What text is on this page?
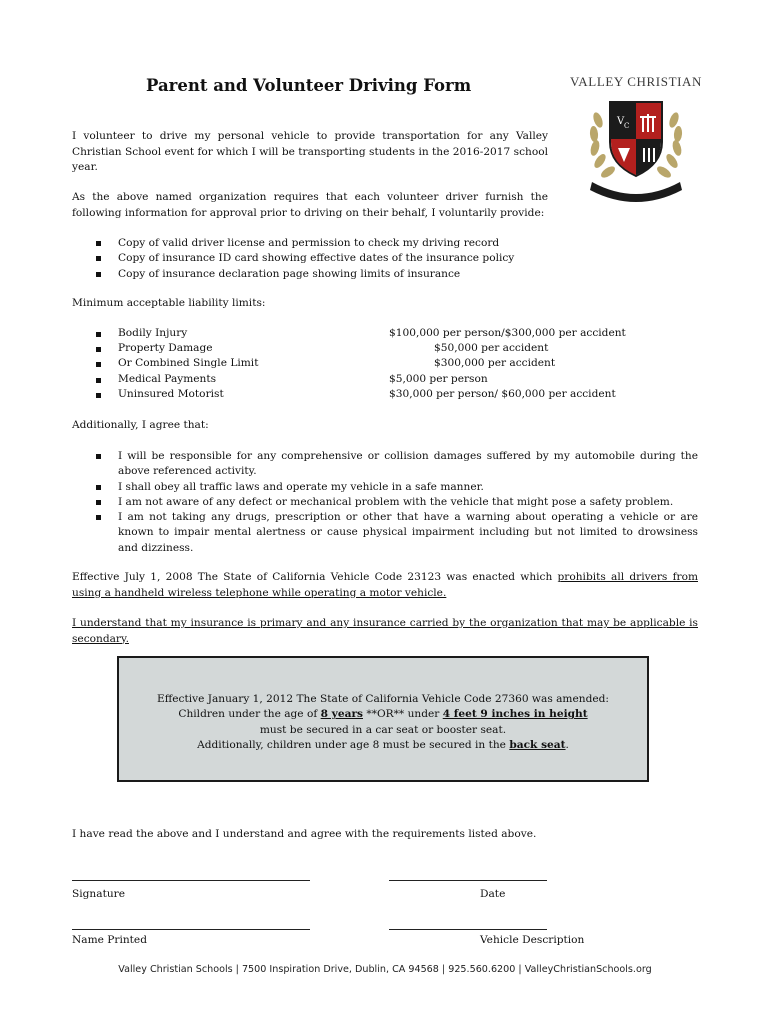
Parent and Volunteer Driving Form	VALLEY CHRISTIAN
V C
I volunteer to drive my personal vehicle to provide transportation for any Valley Christian School event for which I will be transporting students in the 2016-2017 school year.
As the above named organization requires that each volunteer driver furnish the following information for approval prior to driving on their behalf, I voluntarily provide:
Copy of valid driver license and permission to check my driving record
Copy of insurance ID card showing effective dates of the insurance policy
Copy of insurance declaration page showing limits of insurance
Minimum acceptable liability limits:
Bodily Injury	$100,000 per person/$300,000 per accident
Property Damage	$50,000 per accident
Or Combined Single Limit	$300,000 per accident
Medical Payments	$5,000 per person
Uninsured Motorist	$30,000 per person/ $60,000 per accident
Additionally, I agree that:
I will be responsible for any comprehensive or collision damages suffered by my automobile during the above referenced activity.
I shall obey all traffic laws and operate my vehicle in a safe manner.
I am not aware of any defect or mechanical problem with the vehicle that might pose a safety problem.
I am not taking any drugs, prescription or other that have a warning about operating a vehicle or are known to impair mental alertness or cause physical impairment including but not limited to drowsiness and dizziness.
Effective July 1, 2008 The State of California Vehicle Code 23123 was enacted which prohibits all drivers from using a handheld wireless telephone while operating a motor vehicle.
I understand that my insurance is primary and any insurance carried by the organization that may be applicable is secondary.
Effective January 1, 2012 The State of California Vehicle Code 27360 was amended:
Children under the age of 8 years **OR** under 4 feet 9 inches in height
must be secured in a car seat or booster seat.
Additionally, children under age 8 must be secured in the back seat.
I have read the above and I understand and agree with the requirements listed above.
Signature	Date
Name Printed	Vehicle Description
Valley Christian Schools | 7500 Inspiration Drive, Dublin, CA 94568 | 925.560.6200 | ValleyChristianSchools.org
